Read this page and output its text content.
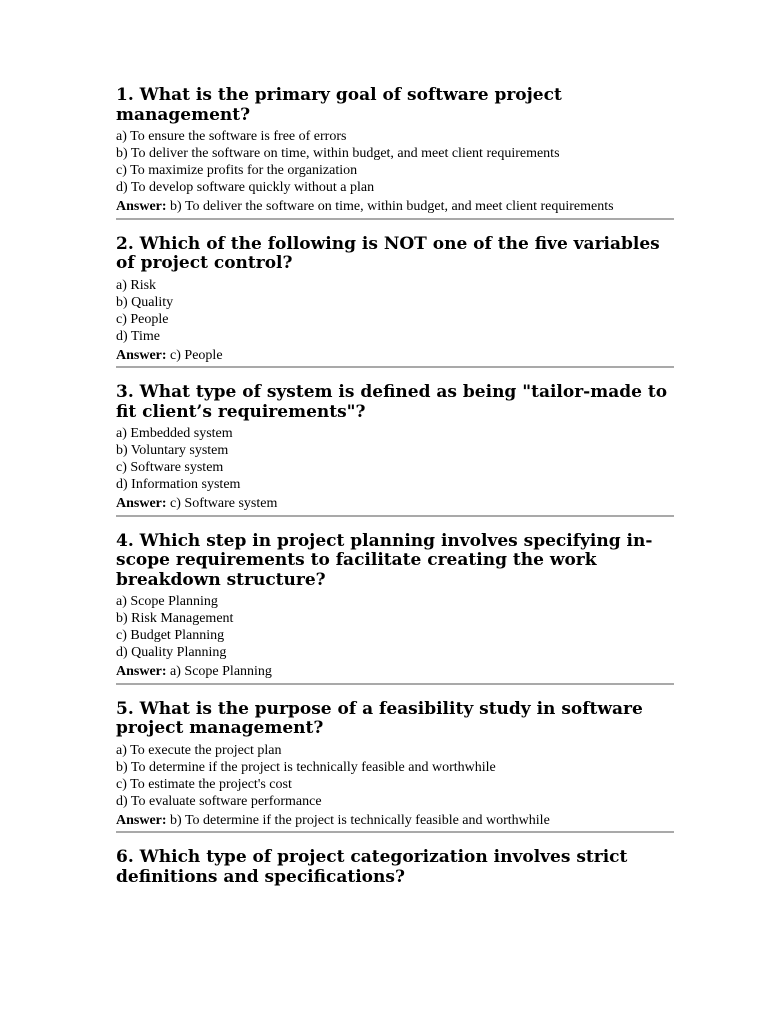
1. What is the primary goal of software project management?
a) To ensure the software is free of errors
b) To deliver the software on time, within budget, and meet client requirements
c) To maximize profits for the organization
d) To develop software quickly without a plan
Answer: b) To deliver the software on time, within budget, and meet client requirements
2. Which of the following is NOT one of the five variables of project control?
a) Risk
b) Quality
c) People
d) Time
Answer: c) People
3. What type of system is defined as being "tailor-made to fit client’s requirements"?
a) Embedded system
b) Voluntary system
c) Software system
d) Information system
Answer: c) Software system
4. Which step in project planning involves specifying in-scope requirements to facilitate creating the work breakdown structure?
a) Scope Planning
b) Risk Management
c) Budget Planning
d) Quality Planning
Answer: a) Scope Planning
5. What is the purpose of a feasibility study in software project management?
a) To execute the project plan
b) To determine if the project is technically feasible and worthwhile
c) To estimate the project's cost
d) To evaluate software performance
Answer: b) To determine if the project is technically feasible and worthwhile
6. Which type of project categorization involves strict definitions and specifications?
